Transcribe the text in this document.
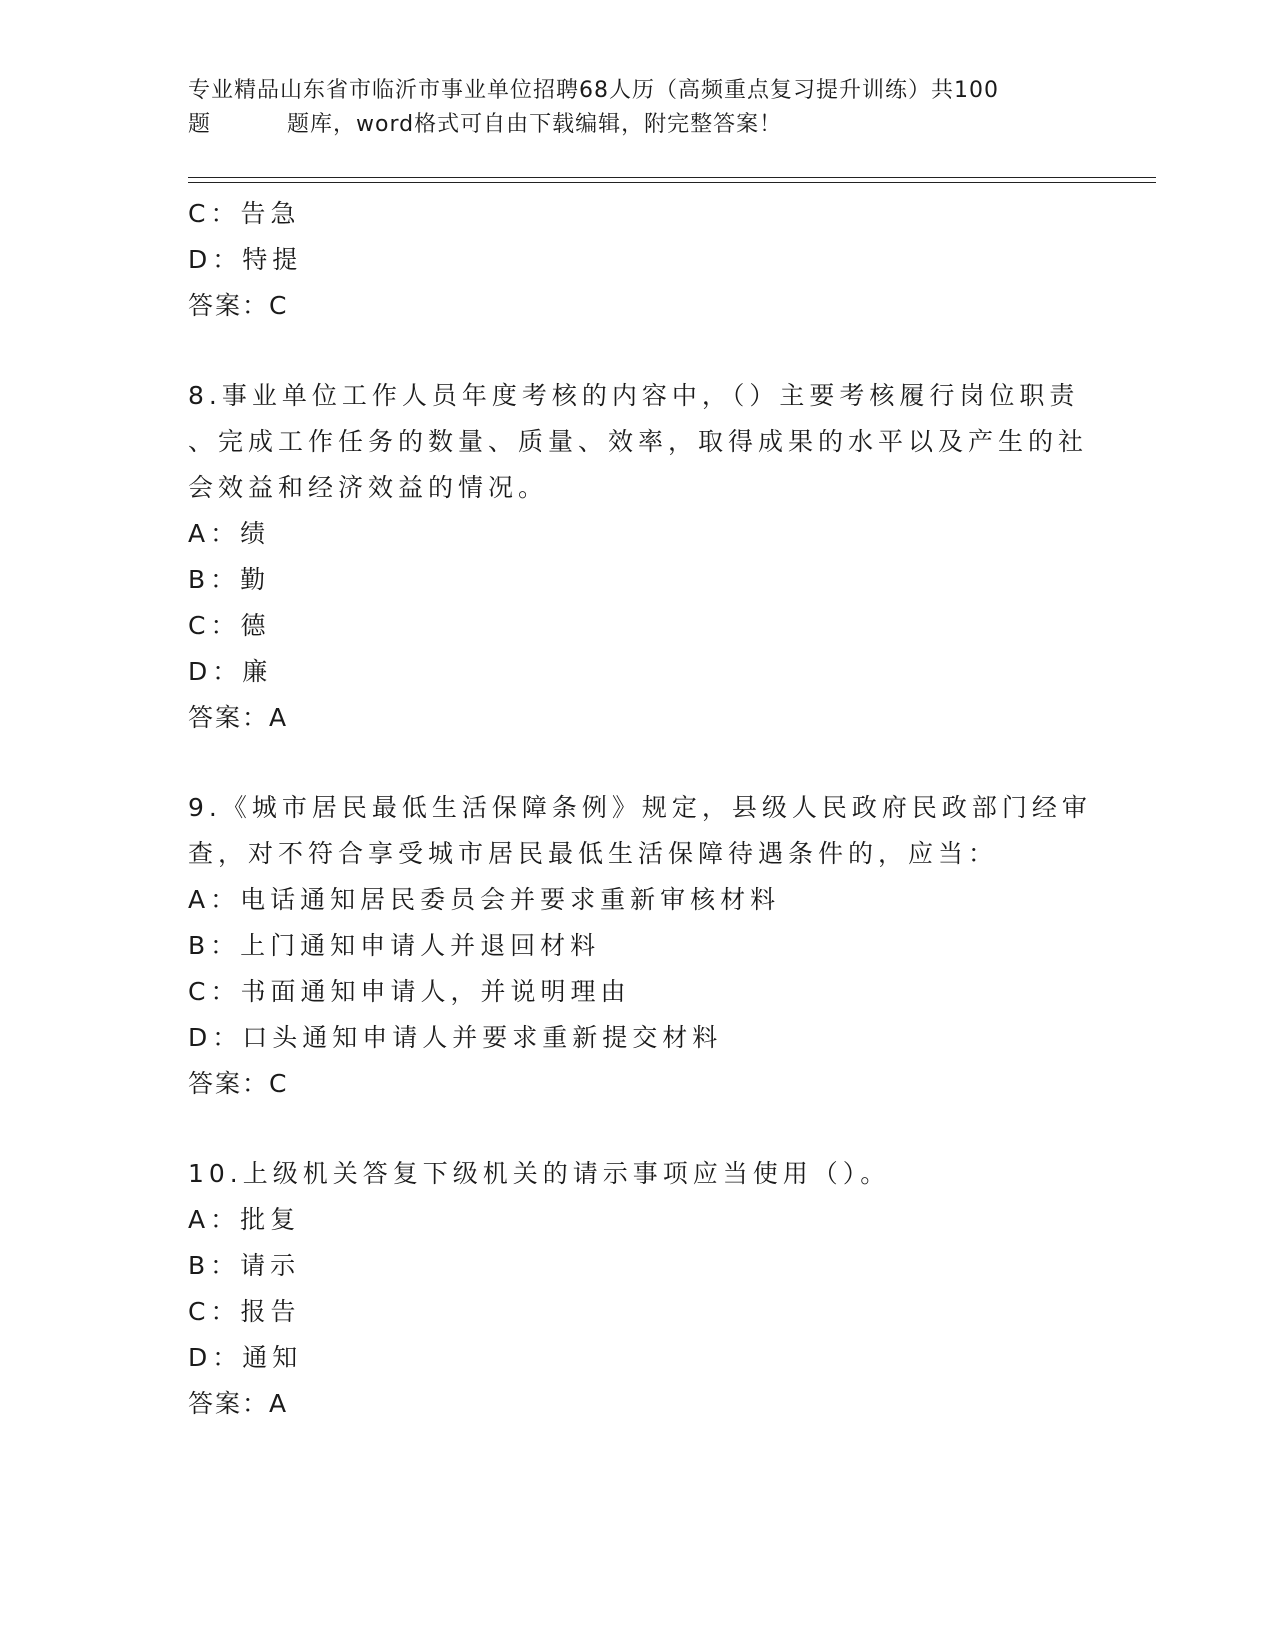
专业精品山东省市临沂市事业单位招聘68人历（高频重点复习提升训练）共100
题	题库，word格式可自由下载编辑，附完整答案！
C：告急
D：特提
答案：C
8.事业单位工作人员年度考核的内容中，（）主要考核履行岗位职责
、完成工作任务的数量、质量、效率，取得成果的水平以及产生的社
会效益和经济效益的情况。
A：绩
B：勤
C：德
D：廉
答案：A
9.《城市居民最低生活保障条例》规定，县级人民政府民政部门经审
查，对不符合享受城市居民最低生活保障待遇条件的，应当：
A：电话通知居民委员会并要求重新审核材料
B：上门通知申请人并退回材料
C：书面通知申请人，并说明理由
D：口头通知申请人并要求重新提交材料
答案：C
10.上级机关答复下级机关的请示事项应当使用（）。
A：批复
B：请示
C：报告
D：通知
答案：A
